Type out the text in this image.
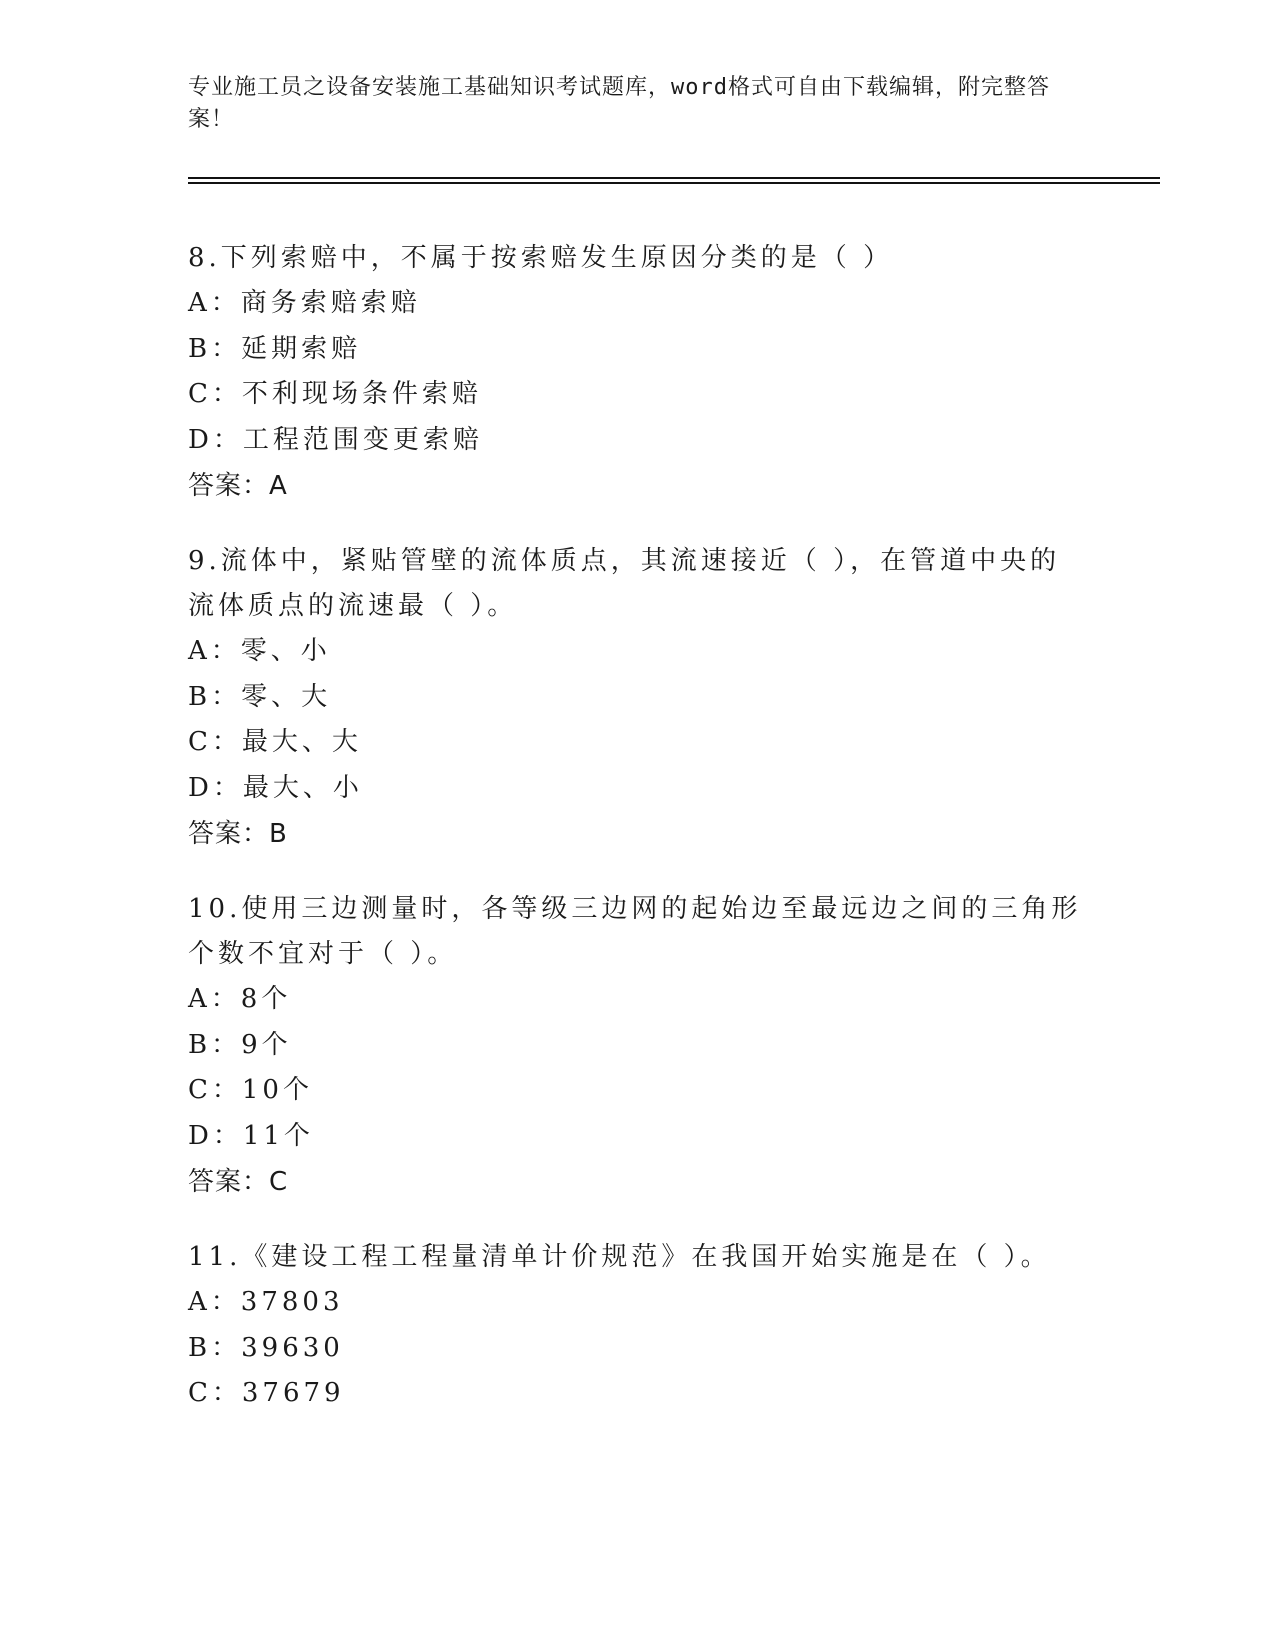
专业施工员之设备安装施工基础知识考试题库，word格式可自由下载编辑，附完整答案！

8.下列索赔中，不属于按索赔发生原因分类的是（ ）

A：商务索赔索赔

B：延期索赔

C：不利现场条件索赔

D：工程范围变更索赔

答案：A

9.流体中，紧贴管壁的流体质点，其流速接近（ ），在管道中央的流体质点的流速最（ ）。

A：零、小

B：零、大

C：最大、大

D：最大、小

答案：B

10.使用三边测量时，各等级三边网的起始边至最远边之间的三角形个数不宜对于（ ）。

A：8个

B：9个

C：10个

D：11个

答案：C

11.《建设工程工程量清单计价规范》在我国开始实施是在（ ）。

A：37803

B：39630

C：37679
